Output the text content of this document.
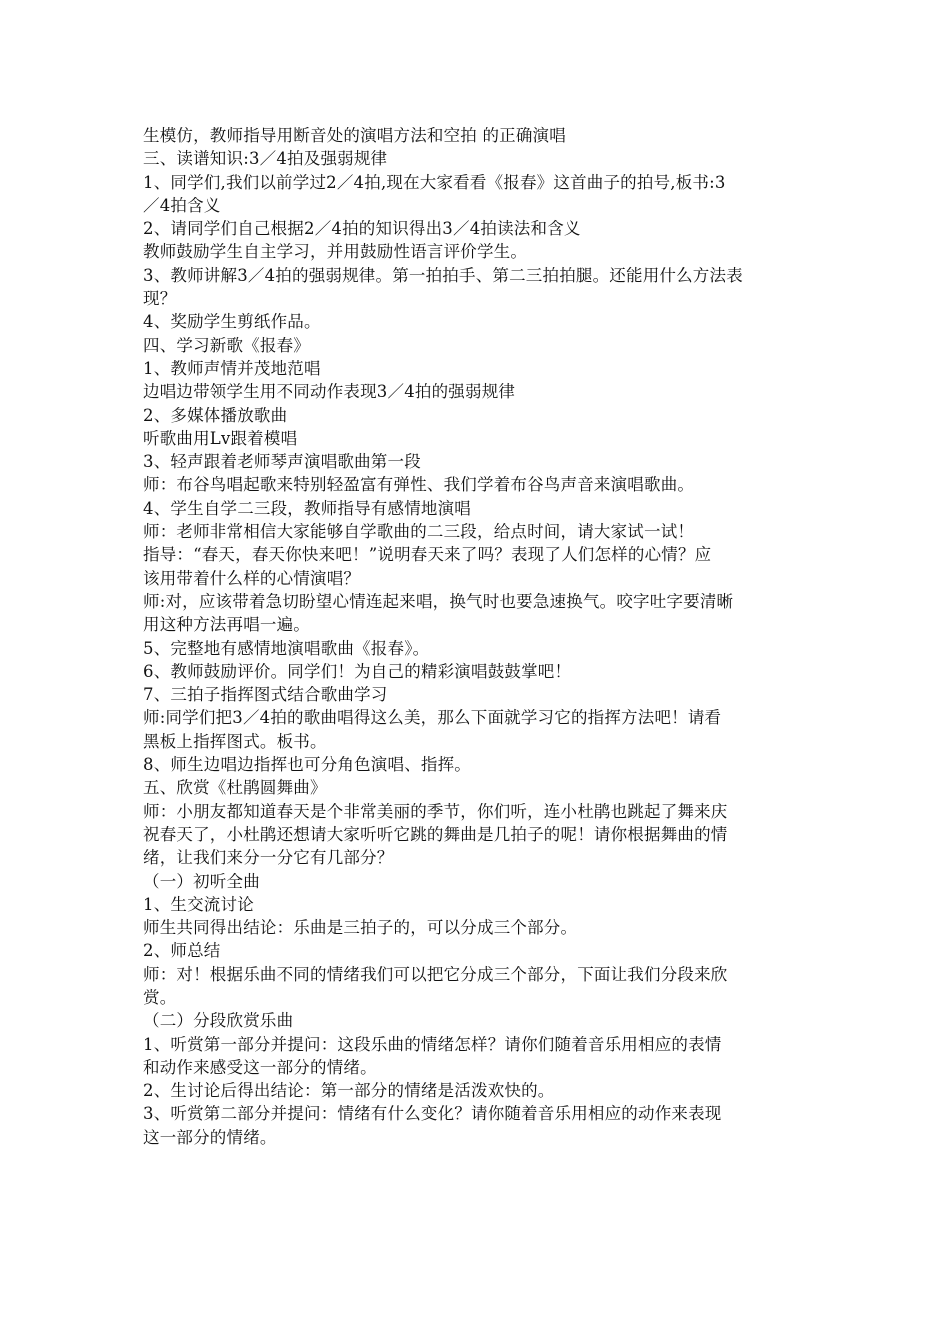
生模仿，教师指导用断音处的演唱方法和空拍 的正确演唱
三、读谱知识:3／4拍及强弱规律
1、同学们,我们以前学过2／4拍,现在大家看看《报春》这首曲子的拍号,板书:3
／4拍含义
2、请同学们自己根据2／4拍的知识得出3／4拍读法和含义
教师鼓励学生自主学习，并用鼓励性语言评价学生。
3、教师讲解3／4拍的强弱规律。第一拍拍手、第二三拍拍腿。还能用什么方法表
现？
4、奖励学生剪纸作品。
四、学习新歌《报春》
1、教师声情并茂地范唱
边唱边带领学生用不同动作表现3／4拍的强弱规律
2、多媒体播放歌曲
听歌曲用Lv跟着模唱
3、轻声跟着老师琴声演唱歌曲第一段
师：布谷鸟唱起歌来特别轻盈富有弹性、我们学着布谷鸟声音来演唱歌曲。
4、学生自学二三段，教师指导有感情地演唱
师：老师非常相信大家能够自学歌曲的二三段，给点时间，请大家试一试！
指导：“春天，春天你快来吧！”说明春天来了吗？表现了人们怎样的心情？应
该用带着什么样的心情演唱？
师:对，应该带着急切盼望心情连起来唱，换气时也要急速换气。咬字吐字要清晰
用这种方法再唱一遍。
5、完整地有感情地演唱歌曲《报春》。
6、教师鼓励评价。同学们！为自己的精彩演唱鼓鼓掌吧！
7、三拍子指挥图式结合歌曲学习
师:同学们把3／4拍的歌曲唱得这么美，那么下面就学习它的指挥方法吧！请看
黑板上指挥图式。板书。
8、师生边唱边指挥也可分角色演唱、指挥。
五、欣赏《杜鹃圆舞曲》
师：小朋友都知道春天是个非常美丽的季节，你们听，连小杜鹃也跳起了舞来庆
祝春天了，小杜鹃还想请大家听听它跳的舞曲是几拍子的呢！请你根据舞曲的情
绪，让我们来分一分它有几部分？
（一）初听全曲
1、生交流讨论
师生共同得出结论：乐曲是三拍子的，可以分成三个部分。
2、师总结
师：对！根据乐曲不同的情绪我们可以把它分成三个部分，下面让我们分段来欣
赏。
（二）分段欣赏乐曲
1、听赏第一部分并提问：这段乐曲的情绪怎样？请你们随着音乐用相应的表情
和动作来感受这一部分的情绪。
2、生讨论后得出结论：第一部分的情绪是活泼欢快的。
3、听赏第二部分并提问：情绪有什么变化？请你随着音乐用相应的动作来表现
这一部分的情绪。
